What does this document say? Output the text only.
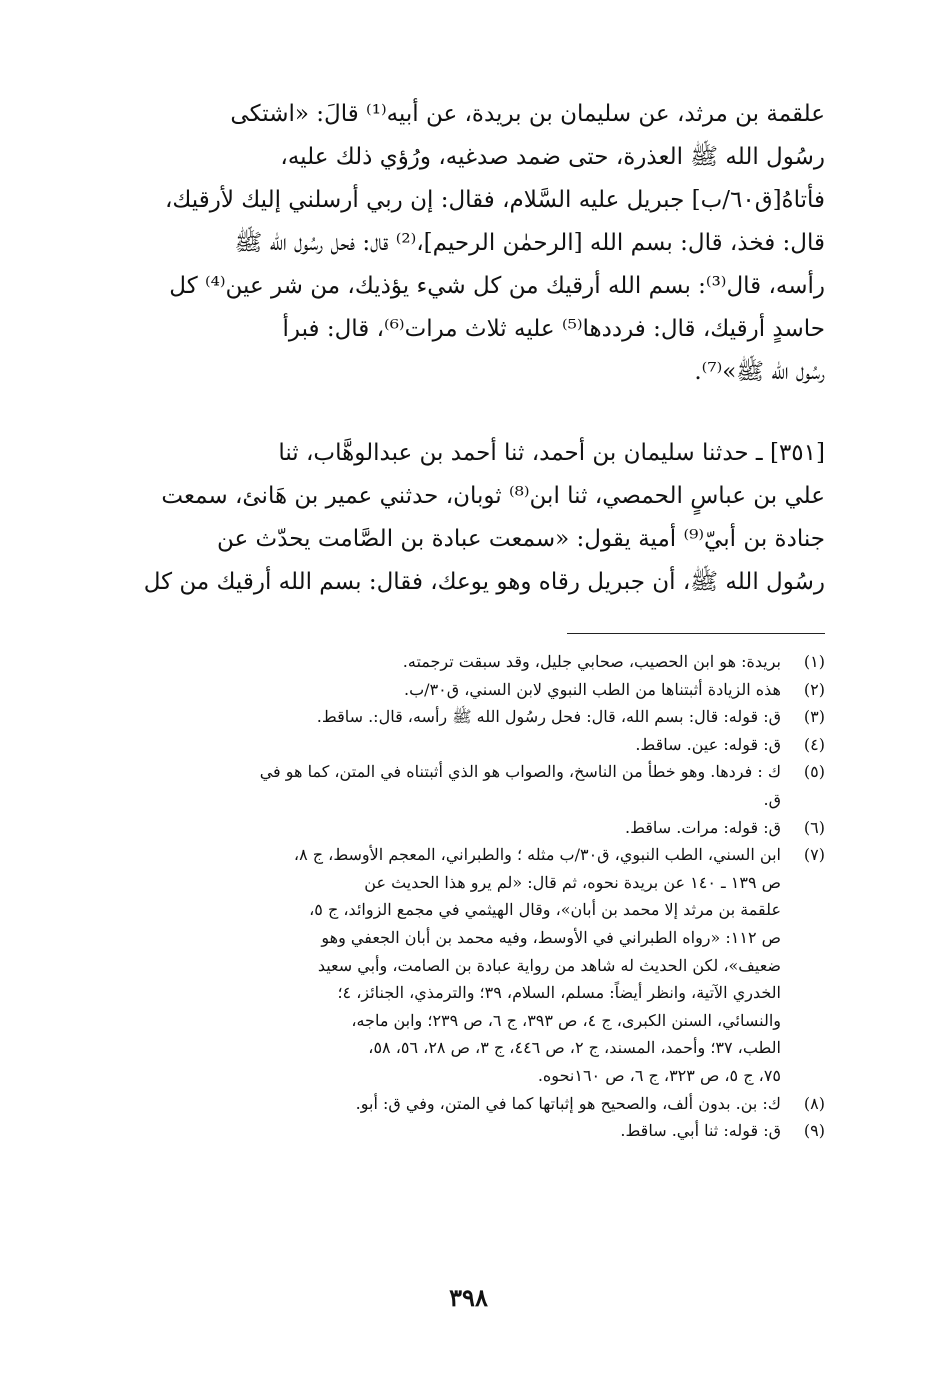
علقمة بن مرثد، عن سليمان بن بريدة، عن أبيه⁽¹⁾ قالَ: «اشتكى
رسُول الله ﷺ العذرة، حتى ضمد صدغيه، ورُؤي ذلك عليه،
فأتاهُ[ق٦٠/ب] جبريل عليه السَّلام، فقال: إن ربي أرسلني إليك لأرقيك،
قال: فخذ، قال: بسم الله [الرحمٰن الرحيم]،⁽²⁾ قال: فحل رسُول الله ﷺ
رأسه، قال⁽³⁾: بسم الله أرقيك من كل شيء يؤذيك، من شر عين⁽⁴⁾ كل
حاسدٍ أرقيك، قال: فرددها⁽⁵⁾ عليه ثلاث مرات⁽⁶⁾، قال: فبرأ
رسُول الله ﷺ»⁽⁷⁾.
[٣٥١] ـ حدثنا سليمان بن أحمد، ثنا أحمد بن عبدالوهَّاب، ثنا
علي بن عباسٍ الحمصي، ثنا ابن⁽⁸⁾ ثوبان، حدثني عمير بن هَانئ، سمعت
جنادة بن أبيّ⁽⁹⁾ أمية يقول: «سمعت عبادة بن الصَّامت يحدّث عن
رسُول الله ﷺ، أن جبريل رقاه وهو يوعك، فقال: بسم الله أرقيك من كل
(١)
بريدة: هو ابن الحصيب، صحابي جليل، وقد سبقت ترجمته.
(٢)
هذه الزيادة أثبتناها من الطب النبوي لابن السني، ق٣٠/ب.
(٣)
ق: قوله: قال: بسم الله، قال: فحل رسُول الله ﷺ رأسه، قال:. ساقط.
(٤)
ق: قوله: عين. ساقط.
(٥)
ك : فردها. وهو خطأ من الناسخ، والصواب هو الذي أثبتناه في المتن، كما هو في
ق.
(٦)
ق: قوله: مرات. ساقط.
(٧)
ابن السني، الطب النبوي، ق٣٠/ب مثله ؛ والطبراني، المعجم الأوسط، ج ٨،
ص ١٣٩ ـ ١٤٠ عن بريدة نحوه، ثم قال: «لم يرو هذا الحديث عن
علقمة بن مرثد إلا محمد بن أبان»، وقال الهيثمي في مجمع الزوائد، ج ٥،
ص ١١٢: «رواه الطبراني في الأوسط، وفيه محمد بن أبان الجعفي وهو
ضعيف»، لكن الحديث له شاهد من رواية عبادة بن الصامت، وأبي سعيد
الخدري الآتية، وانظر أيضاً: مسلم، السلام، ٣٩؛ والترمذي، الجنائز، ٤؛
والنسائي، السنن الكبرى، ج ٤، ص ٣٩٣، ج ٦، ص ٢٣٩؛ وابن ماجه،
الطب، ٣٧؛ وأحمد، المسند، ج ٢، ص ٤٤٦، ج ٣، ص ٢٨، ٥٦، ٥٨،
٧٥، ج ٥، ص ٣٢٣، ج ٦، ص ١٦٠نحوه.
(٨)
ك: بن. بدون ألف، والصحيح هو إثباتها كما في المتن، وفي ق: أبو.
(٩)
ق: قوله: ثنا أبي. ساقط.
٣٩٨
